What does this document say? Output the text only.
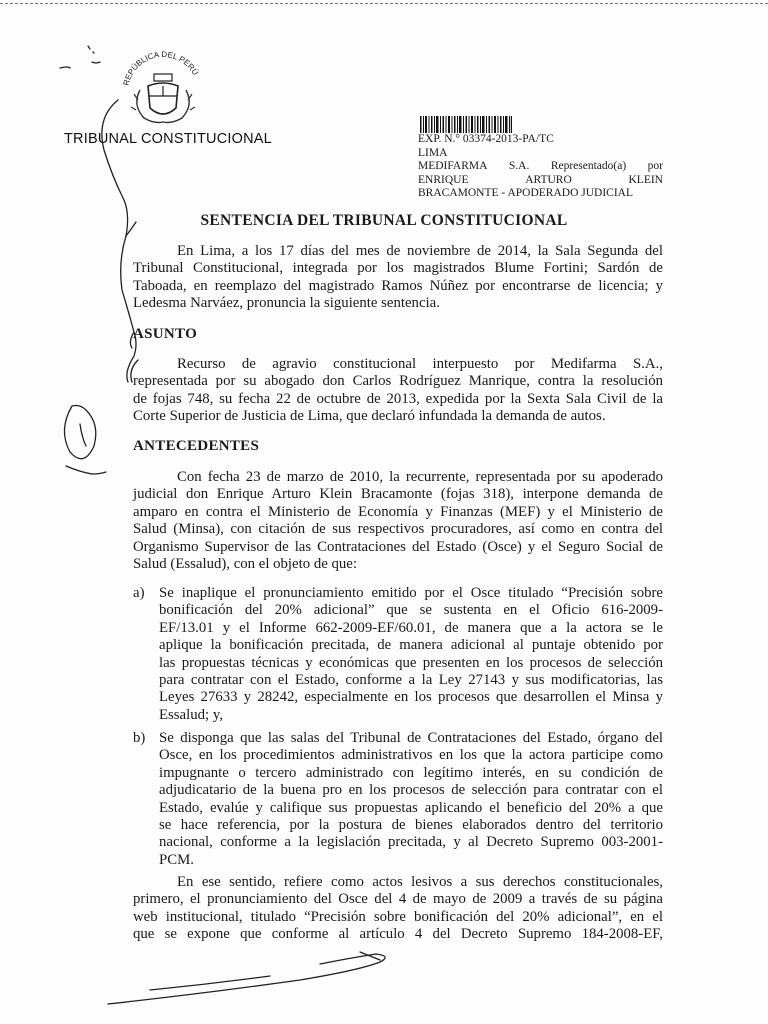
REPÚBLICA DEL PERÚ
TRIBUNAL CONSTITUCIONAL	EXP. N.° 03374-2013-PA/TC
LIMA
MEDIFARMA S.A. Representado(a) por
ENRIQUE	ARTURO	KLEIN
BRACAMONTE - APODERADO JUDICIAL
SENTENCIA DEL TRIBUNAL CONSTITUCIONAL
En Lima, a los 17 días del mes de noviembre de 2014, la Sala Segunda del
Tribunal Constitucional, integrada por los magistrados Blume Fortini; Sardón de
Taboada, en reemplazo del magistrado Ramos Núñez por encontrarse de licencia; y
Ledesma Narváez, pronuncia la siguiente sentencia.
ASUNTO
Recurso de agravio constitucional interpuesto por Medifarma S.A.,
representada por su abogado don Carlos Rodríguez Manrique, contra la resolución
de fojas 748, su fecha 22 de octubre de 2013, expedida por la Sexta Sala Civil de la
Corte Superior de Justicia de Lima, que declaró infundada la demanda de autos.
ANTECEDENTES
Con fecha 23 de marzo de 2010, la recurrente, representada por su apoderado
judicial don Enrique Arturo Klein Bracamonte (fojas 318), interpone demanda de
amparo en contra el Ministerio de Economía y Finanzas (MEF) y el Ministerio de
Salud (Minsa), con citación de sus respectivos procuradores, así como en contra del
Organismo Supervisor de las Contrataciones del Estado (Osce) y el Seguro Social de
Salud (Essalud), con el objeto de que:
a) Se inaplique el pronunciamiento emitido por el Osce titulado “Precisión sobre
bonificación del 20% adicional” que se sustenta en el Oficio 616-2009-
EF/13.01 y el Informe 662-2009-EF/60.01, de manera que a la actora se le
aplique la bonificación precitada, de manera adicional al puntaje obtenido por
las propuestas técnicas y económicas que presenten en los procesos de selección
para contratar con el Estado, conforme a la Ley 27143 y sus modificatorias, las
Leyes 27633 y 28242, especialmente en los procesos que desarrollen el Minsa y
Essalud; y,
b) Se disponga que las salas del Tribunal de Contrataciones del Estado, órgano del
Osce, en los procedimientos administrativos en los que la actora participe como
impugnante o tercero administrado con legítimo interés, en su condición de
adjudicatario de la buena pro en los procesos de selección para contratar con el
Estado, evalúe y califique sus propuestas aplicando el beneficio del 20% a que
se hace referencia, por la postura de bienes elaborados dentro del territorio
nacional, conforme a la legislación precitada, y al Decreto Supremo 003-2001-
PCM.
En ese sentido, refiere como actos lesivos a sus derechos constitucionales,
primero, el pronunciamiento del Osce del 4 de mayo de 2009 a través de su página
web institucional, titulado “Precisión sobre bonificación del 20% adicional”, en el
que se expone que conforme al artículo 4 del Decreto Supremo 184-2008-EF,
